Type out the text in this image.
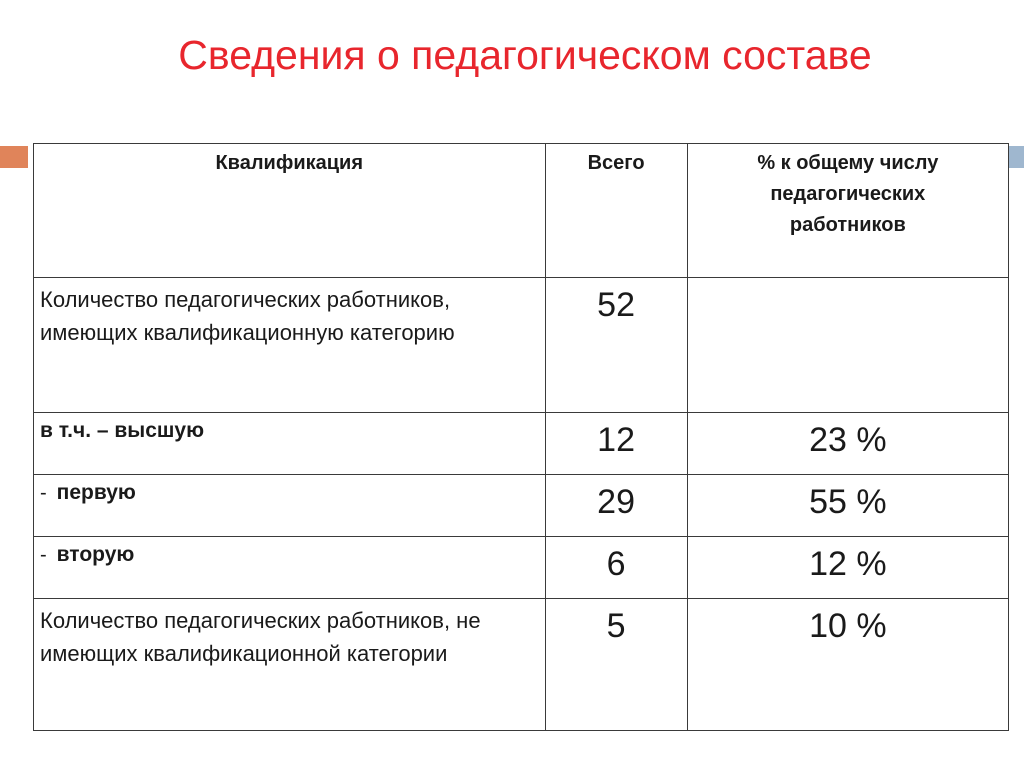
Сведения о педагогическом составе
Квалификация	Всего	% к общему числу педагогических работников

Количество педагогических работников, имеющих квалификационную категорию	52	

в т.ч. – высшую	12	23 %

- первую	29	55 %

- вторую	6	12 %

Количество педагогических работников, не имеющих квалификационной категории	5	10 %
